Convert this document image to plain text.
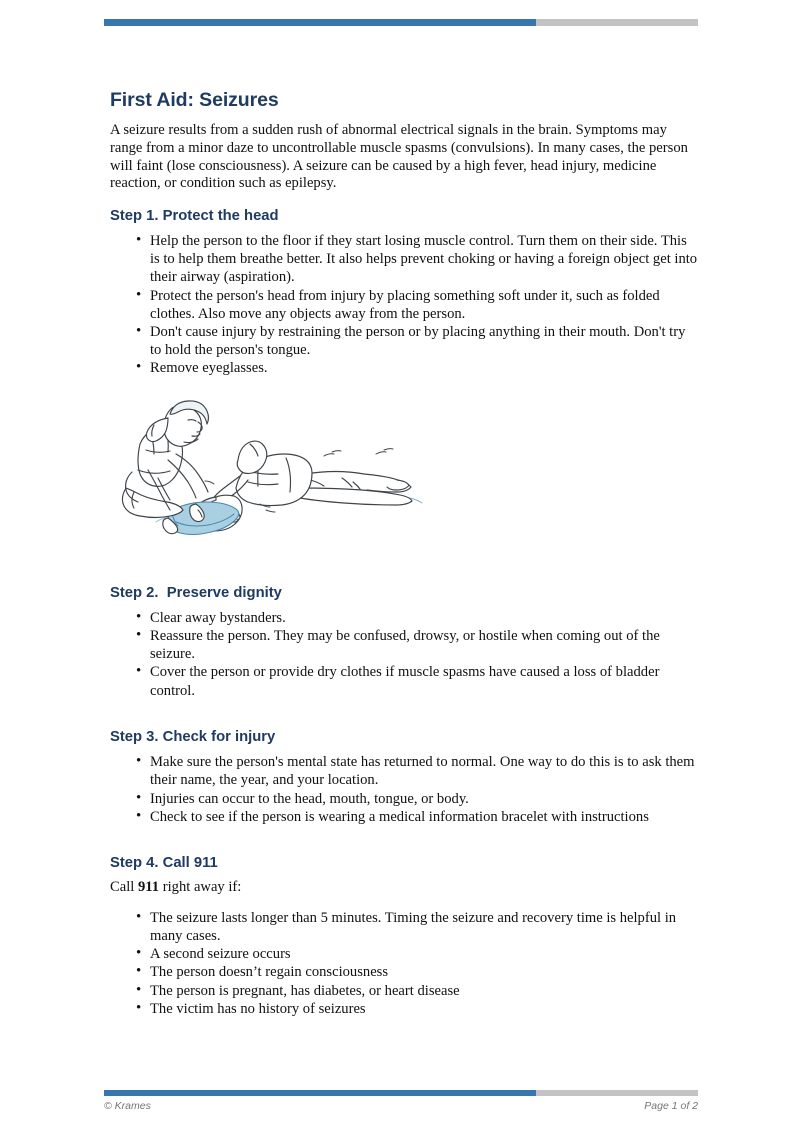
First Aid: Seizures

A seizure results from a sudden rush of abnormal electrical signals in the brain. Symptoms may range from a minor daze to uncontrollable muscle spasms (convulsions). In many cases, the person will faint (lose consciousness). A seizure can be caused by a high fever, head injury, medicine reaction, or condition such as epilepsy.

Step 1. Protect the head
• Help the person to the floor if they start losing muscle control. Turn them on their side. This is to help them breathe better. It also helps prevent choking or having a foreign object get into their airway (aspiration).
• Protect the person's head from injury by placing something soft under it, such as folded clothes. Also move any objects away from the person.
• Don't cause injury by restraining the person or by placing anything in their mouth. Don't try to hold the person's tongue.
• Remove eyeglasses.
Step 2.  Preserve dignity
• Clear away bystanders.
• Reassure the person. They may be confused, drowsy, or hostile when coming out of the seizure.
• Cover the person or provide dry clothes if muscle spasms have caused a loss of bladder control.
Step 3. Check for injury
• Make sure the person's mental state has returned to normal. One way to do this is to ask them their name, the year, and your location.
• Injuries can occur to the head, mouth, tongue, or body.
• Check to see if the person is wearing a medical information bracelet with instructions
Step 4. Call 911

Call 911 right away if:

• The seizure lasts longer than 5 minutes. Timing the seizure and recovery time is helpful in many cases.
• A second seizure occurs
• The person doesn’t regain consciousness
• The person is pregnant, has diabetes, or heart disease
• The victim has no history of seizures
© Krames	Page 1 of 2
